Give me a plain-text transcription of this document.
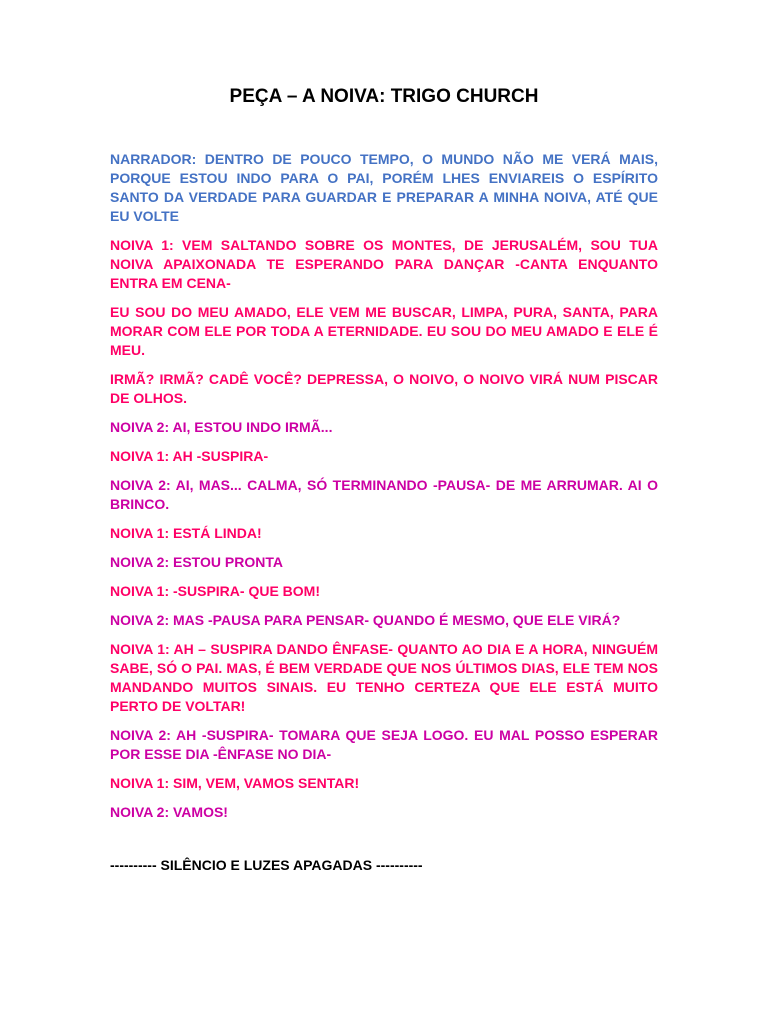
PEÇA – A NOIVA: TRIGO CHURCH

NARRADOR: DENTRO DE POUCO TEMPO, O MUNDO NÃO ME VERÁ MAIS, PORQUE ESTOU INDO PARA O PAI, PORÉM LHES ENVIAREIS O ESPÍRITO SANTO DA VERDADE PARA GUARDAR E PREPARAR A MINHA NOIVA, ATÉ QUE EU VOLTE

NOIVA 1: VEM SALTANDO SOBRE OS MONTES, DE JERUSALÉM, SOU TUA NOIVA APAIXONADA TE ESPERANDO PARA DANÇAR -CANTA ENQUANTO ENTRA EM CENA-

EU SOU DO MEU AMADO, ELE VEM ME BUSCAR, LIMPA, PURA, SANTA, PARA MORAR COM ELE POR TODA A ETERNIDADE. EU SOU DO MEU AMADO E ELE É MEU.

IRMÃ? IRMÃ? CADÊ VOCÊ? DEPRESSA, O NOIVO, O NOIVO VIRÁ NUM PISCAR DE OLHOS.

NOIVA 2: AI, ESTOU INDO IRMÃ...

NOIVA 1: AH -SUSPIRA-

NOIVA 2: AI, MAS... CALMA, SÓ TERMINANDO -PAUSA- DE ME ARRUMAR. AI O BRINCO.

NOIVA 1: ESTÁ LINDA!

NOIVA 2: ESTOU PRONTA

NOIVA 1: -SUSPIRA- QUE BOM!

NOIVA 2: MAS -PAUSA PARA PENSAR- QUANDO É MESMO, QUE ELE VIRÁ?

NOIVA 1: AH – SUSPIRA DANDO ÊNFASE- QUANTO AO DIA E A HORA, NINGUÉM SABE, SÓ O PAI. MAS, É BEM VERDADE QUE NOS ÚLTIMOS DIAS, ELE TEM NOS MANDANDO MUITOS SINAIS. EU TENHO CERTEZA QUE ELE ESTÁ MUITO PERTO DE VOLTAR!

NOIVA 2: AH -SUSPIRA- TOMARA QUE SEJA LOGO. EU MAL POSSO ESPERAR POR ESSE DIA -ÊNFASE NO DIA-

NOIVA 1: SIM, VEM, VAMOS SENTAR!

NOIVA 2: VAMOS!

---------- SILÊNCIO E LUZES APAGADAS ----------
